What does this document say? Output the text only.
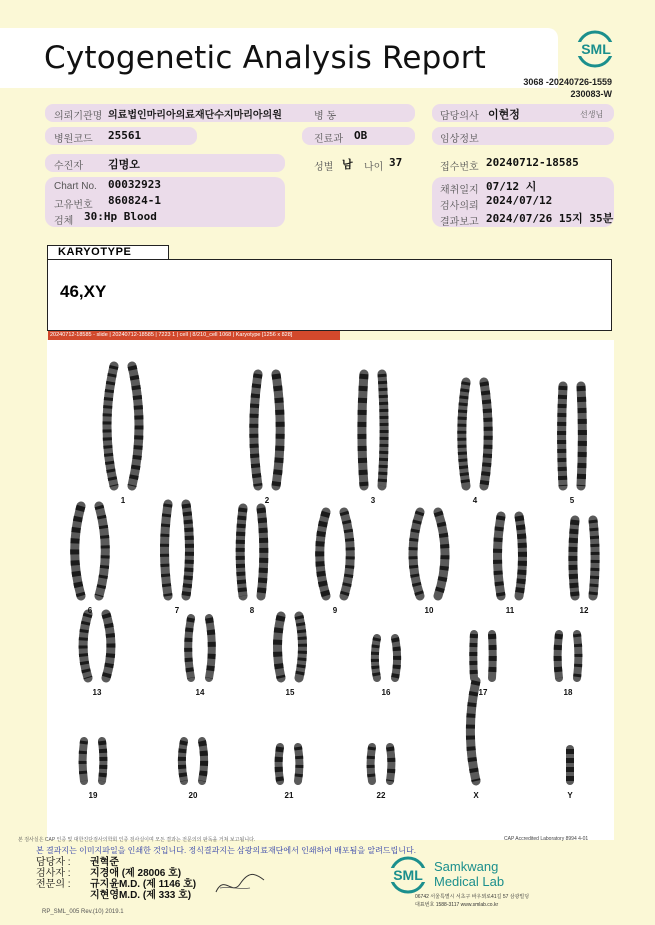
Cytogenetic Analysis Report	SML
3068 -20240726-1559
230083-W
의뢰기관명 의료법인마리아의료재단수지마리아의원	병 동	담당의사 이현정	선생님
병원코드 25561	진료과 OB	임상정보
수진자 김명오	성별 남 나이 37	접수번호 20240712-18585
Chart No. 00032923
고유번호 860824-1
검체 30:Hp Blood
채취일지 07/12 시
검사의뢰 2024/07/12
결과보고 2024/07/26 15지 35분
KARYOTYPE
46,XY
20240712-18585 - slide | 20240712-18585 | 7223 1 | cell | 8/210_cell 1068 | Karyotype [1256 x 828]
1	2	3	4	5
6	7	8	9	10	11	12
13	14	15	16	17	18
19	20	21	22	X	Y
본 검사실은 CAP 인증 및 대한진단검사의학회 인증 검사실이며 모든 결과는 전문의의 판독을 거쳐 보고됩니다.	CAP Accredited Laboratory 8994 4-01
본 결과지는 이미지파일을 인쇄한 것입니다. 정식결과지는 삼광의료재단에서 인쇄하여 배포됨을 알려드립니다.
담당자 : 권혁준
검사자 : 지경애 (제 28006 호)
전문의 : 규지윤M.D. (제 1146 호)
지현영M.D. (제 333 호)
RP_SML_005 Rev.(10) 2019.1
SML
Samkwang
Medical Lab
06742 서울특별시 서초구 바우뫼로41길 57 삼광빌딩
대표번호 1588-3117 www.smlab.co.kr
